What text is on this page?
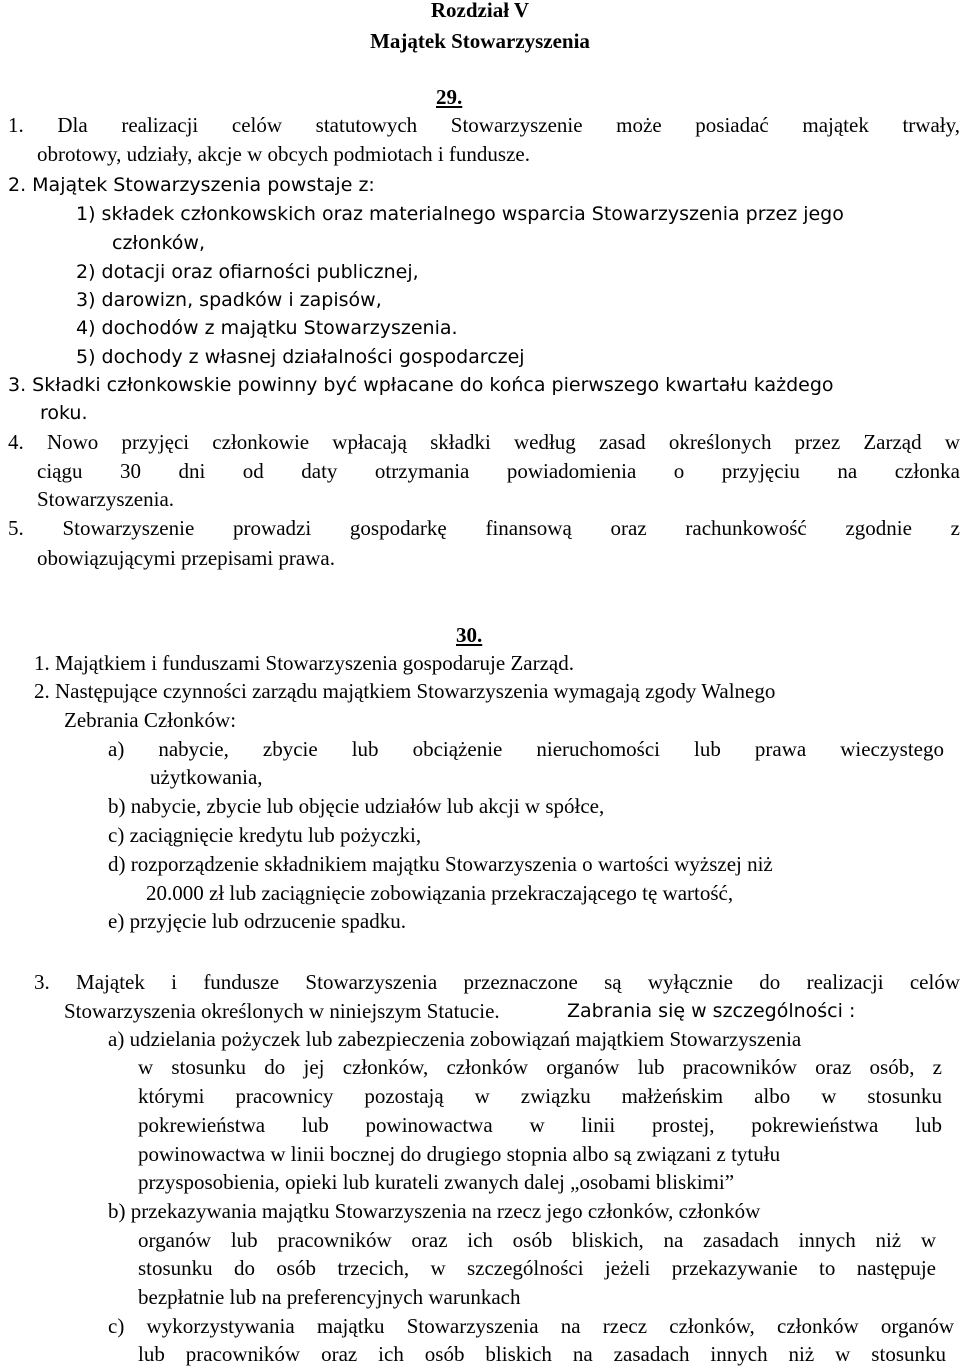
Rozdział V
Majątek Stowarzyszenia
29.
1. Dla realizacji celów statutowych Stowarzyszenie może posiadać majątek trwały,
obrotowy, udziały, akcje w obcych podmiotach i fundusze.
2. Majątek Stowarzyszenia powstaje z:
1) składek członkowskich oraz materialnego wsparcia Stowarzyszenia przez jego
członków,
2) dotacji oraz ofiarności publicznej,
3) darowizn, spadków i zapisów,
4) dochodów z majątku Stowarzyszenia.
5) dochody z własnej działalności gospodarczej
3. Składki członkowskie powinny być wpłacane do końca pierwszego kwartału każdego
roku.
4. Nowo przyjęci członkowie wpłacają składki według zasad określonych przez Zarząd w
ciągu 30 dni od daty otrzymania powiadomienia o przyjęciu na członka
Stowarzyszenia.
5. Stowarzyszenie prowadzi gospodarkę finansową oraz rachunkowość zgodnie z
obowiązującymi przepisami prawa.
30.
1. Majątkiem i funduszami Stowarzyszenia gospodaruje Zarząd.
2. Następujące czynności zarządu majątkiem Stowarzyszenia wymagają zgody Walnego
Zebrania Członków:
a) nabycie, zbycie lub obciążenie nieruchomości lub prawa wieczystego
użytkowania,
b) nabycie, zbycie lub objęcie udziałów lub akcji w spółce,
c) zaciągnięcie kredytu lub pożyczki,
d) rozporządzenie składnikiem majątku Stowarzyszenia o wartości wyższej niż
20.000 zł lub zaciągnięcie zobowiązania przekraczającego tę wartość,
e) przyjęcie lub odrzucenie spadku.
3. Majątek i fundusze Stowarzyszenia przeznaczone są wyłącznie do realizacji celów
Stowarzyszenia określonych w niniejszym Statucie.	Zabrania się w szczególności :
a) udzielania pożyczek lub zabezpieczenia zobowiązań majątkiem Stowarzyszenia
w stosunku do jej członków, członków organów lub pracowników oraz osób, z
którymi pracownicy pozostają w związku małżeńskim albo w stosunku
pokrewieństwa lub powinowactwa w linii prostej, pokrewieństwa lub
powinowactwa w linii bocznej do drugiego stopnia albo są związani z tytułu
przysposobienia, opieki lub kurateli zwanych dalej „osobami bliskimi”
b) przekazywania majątku Stowarzyszenia na rzecz jego członków, członków
organów lub pracowników oraz ich osób bliskich, na zasadach innych niż w
stosunku do osób trzecich, w szczególności jeżeli przekazywanie to następuje
bezpłatnie lub na preferencyjnych warunkach
c) wykorzystywania majątku Stowarzyszenia na rzecz członków, członków organów
lub pracowników oraz ich osób bliskich na zasadach innych niż w stosunku
